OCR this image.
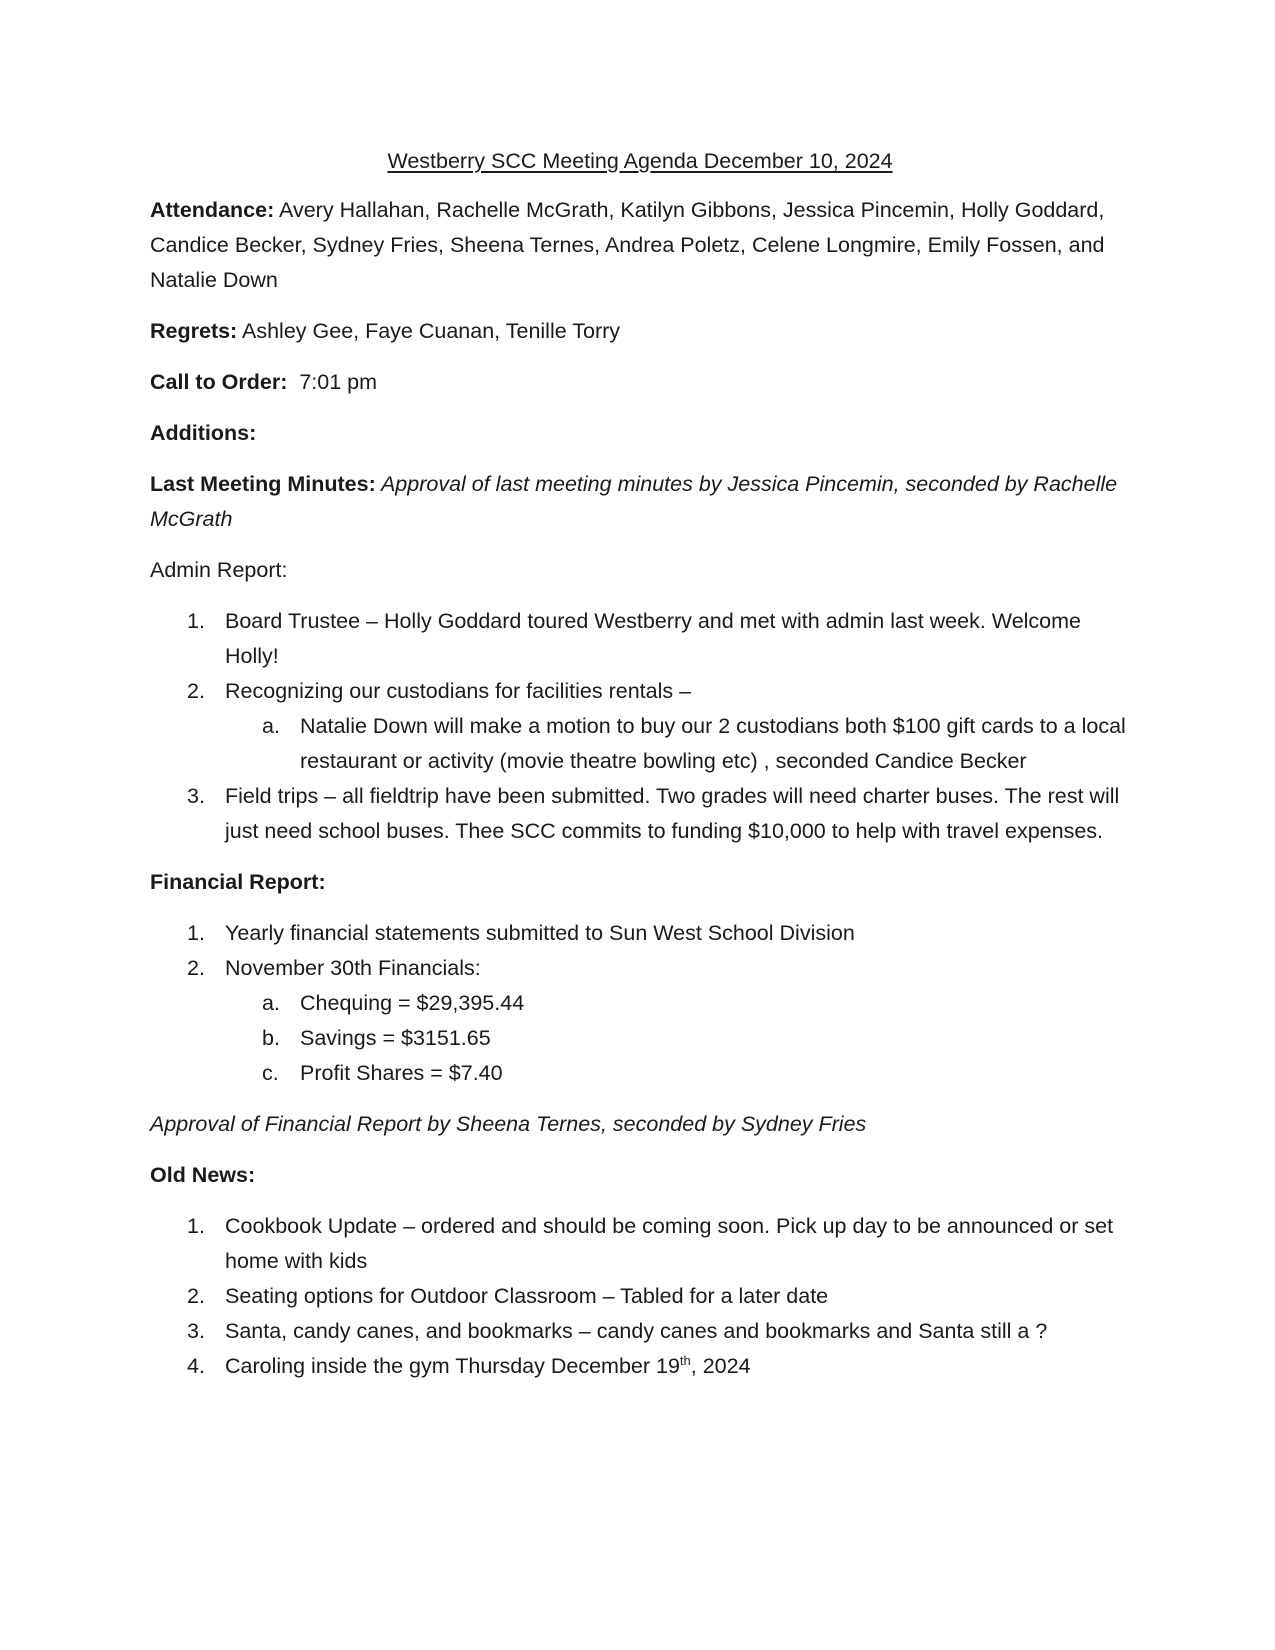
Westberry SCC Meeting Agenda December 10, 2024

Attendance: Avery Hallahan, Rachelle McGrath, Katilyn Gibbons, Jessica Pincemin, Holly Goddard, Candice Becker, Sydney Fries, Sheena Ternes, Andrea Poletz, Celene Longmire, Emily Fossen, and Natalie Down

Regrets: Ashley Gee, Faye Cuanan, Tenille Torry

Call to Order:  7:01 pm

Additions:

Last Meeting Minutes: Approval of last meeting minutes by Jessica Pincemin, seconded by Rachelle McGrath

Admin Report:

1. Board Trustee – Holly Goddard toured Westberry and met with admin last week. Welcome Holly!
2. Recognizing our custodians for facilities rentals –
a. Natalie Down will make a motion to buy our 2 custodians both $100 gift cards to a local restaurant or activity (movie theatre bowling etc) , seconded Candice Becker
3. Field trips – all fieldtrip have been submitted. Two grades will need charter buses. The rest will just need school buses. Thee SCC commits to funding $10,000 to help with travel expenses.

Financial Report:

1. Yearly financial statements submitted to Sun West School Division
2. November 30th Financials:
a. Chequing = $29,395.44
b. Savings = $3151.65
c. Profit Shares = $7.40

Approval of Financial Report by Sheena Ternes, seconded by Sydney Fries

Old News:

1. Cookbook Update – ordered and should be coming soon. Pick up day to be announced or set home with kids
2. Seating options for Outdoor Classroom – Tabled for a later date
3. Santa, candy canes, and bookmarks – candy canes and bookmarks and Santa still a ?
4. Caroling inside the gym Thursday December 19th, 2024
